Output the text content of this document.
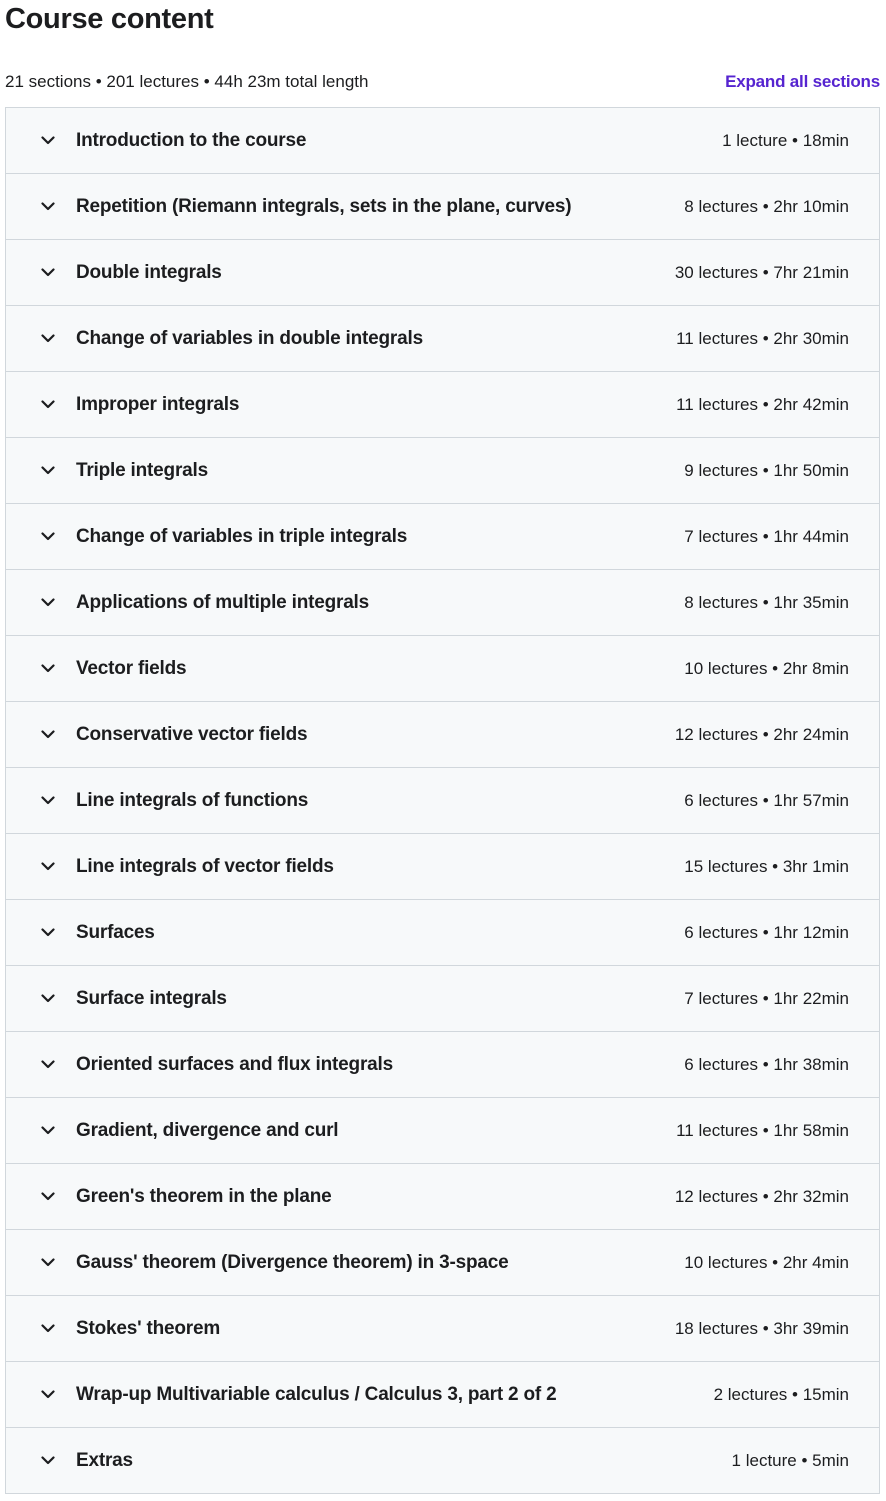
Course content
21 sections • 201 lectures • 44h 23m total length	Expand all sections
Introduction to the course	1 lecture • 18min
Repetition (Riemann integrals, sets in the plane, curves)	8 lectures • 2hr 10min
Double integrals	30 lectures • 7hr 21min
Change of variables in double integrals	11 lectures • 2hr 30min
Improper integrals	11 lectures • 2hr 42min
Triple integrals	9 lectures • 1hr 50min
Change of variables in triple integrals	7 lectures • 1hr 44min
Applications of multiple integrals	8 lectures • 1hr 35min
Vector fields	10 lectures • 2hr 8min
Conservative vector fields	12 lectures • 2hr 24min
Line integrals of functions	6 lectures • 1hr 57min
Line integrals of vector fields	15 lectures • 3hr 1min
Surfaces	6 lectures • 1hr 12min
Surface integrals	7 lectures • 1hr 22min
Oriented surfaces and flux integrals	6 lectures • 1hr 38min
Gradient, divergence and curl	11 lectures • 1hr 58min
Green's theorem in the plane	12 lectures • 2hr 32min
Gauss' theorem (Divergence theorem) in 3-space	10 lectures • 2hr 4min
Stokes' theorem	18 lectures • 3hr 39min
Wrap-up Multivariable calculus / Calculus 3, part 2 of 2	2 lectures • 15min
Extras	1 lecture • 5min
